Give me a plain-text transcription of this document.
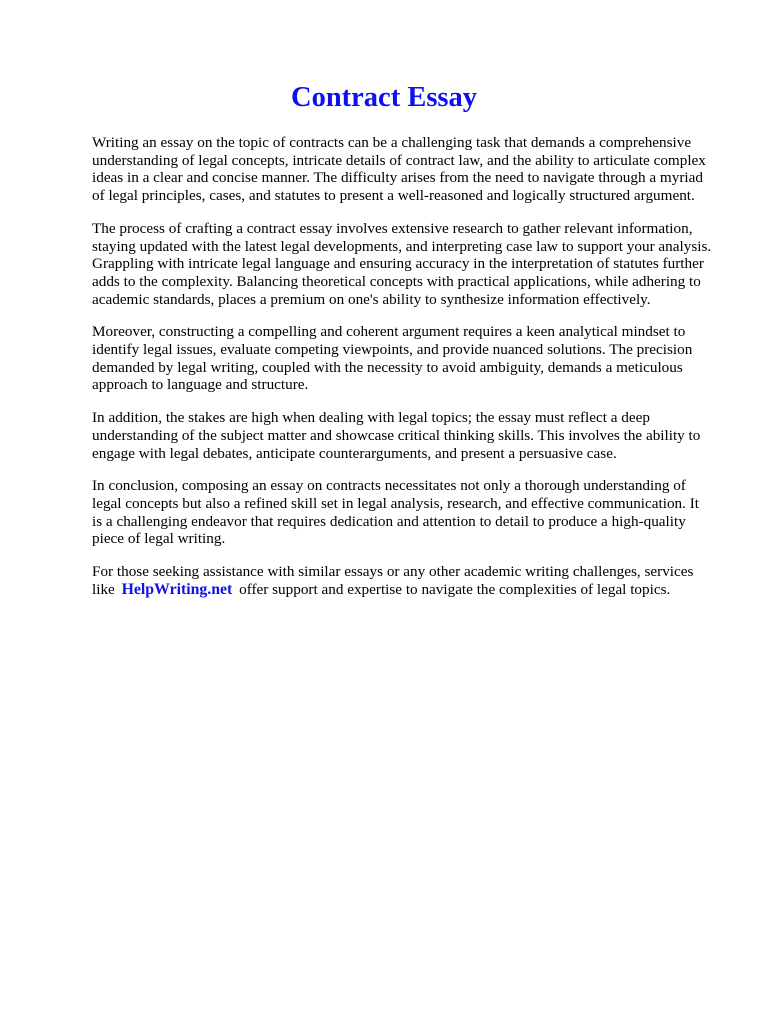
Contract Essay

Writing an essay on the topic of contracts can be a challenging task that demands a comprehensive understanding of legal concepts, intricate details of contract law, and the ability to articulate complex ideas in a clear and concise manner. The difficulty arises from the need to navigate through a myriad of legal principles, cases, and statutes to present a well-reasoned and logically structured argument.

The process of crafting a contract essay involves extensive research to gather relevant information, staying updated with the latest legal developments, and interpreting case law to support your analysis. Grappling with intricate legal language and ensuring accuracy in the interpretation of statutes further adds to the complexity. Balancing theoretical concepts with practical applications, while adhering to academic standards, places a premium on one's ability to synthesize information effectively.

Moreover, constructing a compelling and coherent argument requires a keen analytical mindset to identify legal issues, evaluate competing viewpoints, and provide nuanced solutions. The precision demanded by legal writing, coupled with the necessity to avoid ambiguity, demands a meticulous approach to language and structure.

In addition, the stakes are high when dealing with legal topics; the essay must reflect a deep understanding of the subject matter and showcase critical thinking skills. This involves the ability to engage with legal debates, anticipate counterarguments, and present a persuasive case.

In conclusion, composing an essay on contracts necessitates not only a thorough understanding of legal concepts but also a refined skill set in legal analysis, research, and effective communication. It is a challenging endeavor that requires dedication and attention to detail to produce a high-quality piece of legal writing.

For those seeking assistance with similar essays or any other academic writing challenges, services like HelpWriting.net offer support and expertise to navigate the complexities of legal topics.
